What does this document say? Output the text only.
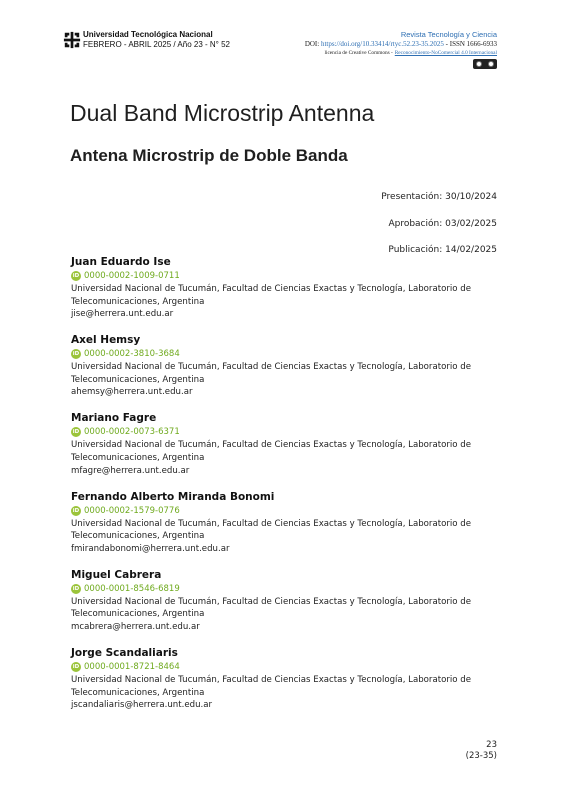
Universidad Tecnológica Nacional
FEBRERO - ABRIL 2025 / Año 23 - N° 52
Revista Tecnología y Ciencia
DOI: https://doi.org/10.33414/rtyc.52.23-35.2025 - ISSN 1666-6933
licencia de Creative Commons - Reconocimiento-NoComercial 4.0 Internacional
Dual Band Microstrip Antenna
Antena Microstrip de Doble Banda
Presentación: 30/10/2024
Aprobación: 03/02/2025
Publicación: 14/02/2025
Juan Eduardo Ise
iD 0000-0002-1009-0711
Universidad Nacional de Tucumán, Facultad de Ciencias Exactas y Tecnología, Laboratorio de
Telecomunicaciones, Argentina
jise@herrera.unt.edu.ar
Axel Hemsy
iD 0000-0002-3810-3684
Universidad Nacional de Tucumán, Facultad de Ciencias Exactas y Tecnología, Laboratorio de
Telecomunicaciones, Argentina
ahemsy@herrera.unt.edu.ar
Mariano Fagre
iD 0000-0002-0073-6371
Universidad Nacional de Tucumán, Facultad de Ciencias Exactas y Tecnología, Laboratorio de
Telecomunicaciones, Argentina
mfagre@herrera.unt.edu.ar
Fernando Alberto Miranda Bonomi
iD 0000-0002-1579-0776
Universidad Nacional de Tucumán, Facultad de Ciencias Exactas y Tecnología, Laboratorio de
Telecomunicaciones, Argentina
fmirandabonomi@herrera.unt.edu.ar
Miguel Cabrera
iD 0000-0001-8546-6819
Universidad Nacional de Tucumán, Facultad de Ciencias Exactas y Tecnología, Laboratorio de
Telecomunicaciones, Argentina
mcabrera@herrera.unt.edu.ar
Jorge Scandaliaris
iD 0000-0001-8721-8464
Universidad Nacional de Tucumán, Facultad de Ciencias Exactas y Tecnología, Laboratorio de
Telecomunicaciones, Argentina
jscandaliaris@herrera.unt.edu.ar
23
(23-35)
